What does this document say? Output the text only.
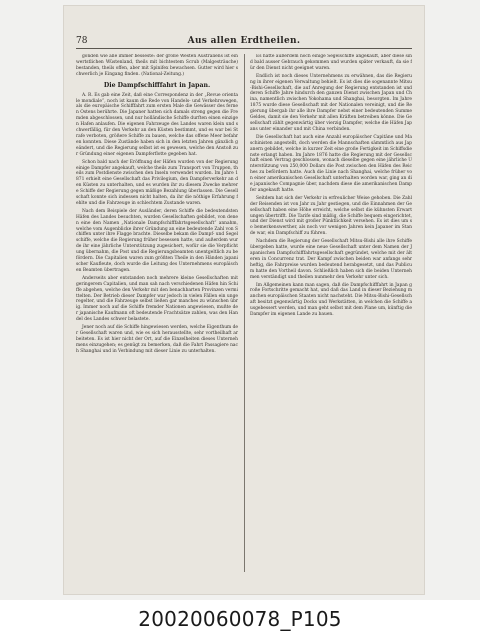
78	Aus allen Erdtheilen.

gonden wie alle immer besseste: der große Westen Australiens ist ein wertstlichen Wüstenland, theils mit bichtestem Scrub (Malgesträuche) bestanden, theils offen, aber mit Spinifex bewachsen. Gutter wird hier schwerlich je Eingang finden. (National-Zeitung.)

Die Dampfschifffahrt in Japan.

A. R. Es gab eine Zeit, daß eine Correspondenz in der „Revue orientale mondiale“, noch ist kaum die Rede von Handels- und Verkehrswegen, als die europäische Schifffahrt zum ersten Male die Gewässer des fernen Ostens berührte. Die Japaner hatten sich damals streng gegen die Fremden abgeschlossen, und nur holländische Schiffe durften einen einzigen Hafen anlaufen. Die eigenen Fahrzeuge des Landes waren klein und schwerfällig, für den Verkehr an den Küsten bestimmt, und es war bei Strafe verboten, größere Schiffe zu bauen, welche das offene Meer befahren konnten. Diese Zustände haben sich in den letzten Jahren gänzlich geändert, und die Regierung selbst ist es gewesen, welche den Anstoß zur Gründung einer eigenen Dampferflotte gegeben hat.

Schon bald nach der Eröffnung der Häfen wurden von der Regierung einige Dampfer angekauft, welche theils zum Transport von Truppen, theils zum Postdienste zwischen den Inseln verwendet wurden. Im Jahre 1871 erhielt eine Gesellschaft das Privilegium, den Dampferverkehr an den Küsten zu unterhalten, und es wurden ihr zu diesem Zwecke mehrere Schiffe der Regierung gegen mäßige Bezahlung überlassen. Die Gesellschaft konnte sich indessen nicht halten, da ihr die nöthige Erfahrung fehlte und die Fahrzeuge in schlechtem Zustande waren.

Nach dem Beispiele der Ausländer, deren Schiffe die bedeutendsten Häfen des Landes besuchten, wurden Gesellschaften gebildet, von denen eine den Namen „Nationale Dampfschifffahrtsgesellschaft“ annahm, welche vom Augenblicke ihrer Gründung an eine bedeutende Zahl von Schiffen unter ihre Flagge brachte. Dieselbe bekam die Dampf- und Segelschiffe, welche die Regierung früher besessen hatte, und außerdem wurde ihr eine jährliche Unterstützung zugesichert, wofür sie die Verpflichtung übernahm, die Post und die Regierungsbeamten unentgeltlich zu befördern. Die Capitalien waren zum größten Theile in den Händen japanischer Kaufleute, doch wurde die Leitung des Unternehmens europäischen Beamten übertragen.

Anderseits aber entstanden noch mehrere kleine Gesellschaften mit geringerem Capitalien, und man sah nach verschiedenen Häfen hin Schiffe abgehen, welche den Verkehr mit den benachbarten Provinzen vermittelten. Der Betrieb dieser Dampfer war jedoch in vielen Fällen ein ungeregelter, und die Fahrzeuge selbst ließen gar manches zu wünschen übrig. Immer noch auf die Schiffe fremder Nationen angewiesen, mußte der japanische Kaufmann oft bedeutende Frachtsätze zahlen, was den Handel des Landes schwer belastete.

Jener noch auf die Schiffe hingewiesen werden, welche Eigenthum der Gesellschaft waren und, wie es sich herausstellte, sehr vortheilhaft arbeiteten. Es ist hier nicht der Ort, auf die Einzelheiten dieses Unternehmens einzugehen; es genügt zu bemerken, daß die Fahrt Passagiere nach Shanghai und in Verbindung mit dieser Linie zu unterhalten.

Es hatte außerdem noch einige Segelschiffe angekauft, aber diese sind bald ausser Gebrauch gekommen und wurden später verkauft, da sie für den Dienst nicht geeignet waren.

Endlich ist noch dieses Unternehmens zu erwähnen, das die Regierung in ihrer eigenen Verwaltung behielt. Es ist dies die sogenannte Mitsu-Bishi-Gesellschaft, die auf Anregung der Regierung entstanden ist und deren Schiffe Jahre hindurch den ganzen Dienst zwischen Japan und China, namentlich zwischen Yokohama und Shanghai, besorgten. Im Jahre 1875 wurde diese Gesellschaft mit der Nationalen vereinigt, und die Regierung übergab ihr alle ihre Dampfer nebst einer bedeutenden Summe Geldes, damit sie den Verkehr mit allen Kräften betreiben könne. Die Gesellschaft zählt gegenwärtig über vierzig Dampfer, welche die Häfen Japans unter einander und mit China verbinden.

Die Gesellschaft hat auch eine Anzahl europäischer Capitäne und Maschinisten angestellt, doch werden die Mannschaften sämmtlich aus Japanern gebildet, welche in kurzer Zeit eine große Fertigkeit im Schiffsdienste erlangt haben. Im Jahre 1876 hatte die Regierung mit der Gesellschaft einen Vertrag geschlossen, wonach dieselbe gegen eine jährliche Unterstützung von 250,000 Dollars die Post zwischen den Häfen des Reiches zu befördern hatte. Auch die Linie nach Shanghai, welche früher von einer amerikanischen Gesellschaft unterhalten worden war, ging an die japanische Compagnie über, nachdem diese die amerikanischen Dampfer angekauft hatte.

Seitdem hat sich der Verkehr in erfreulicher Weise gehoben. Die Zahl der Reisenden ist von Jahr zu Jahr gestiegen, und die Einnahmen der Gesellschaft haben eine Höhe erreicht, welche selbst die kühnsten Erwartungen übertrifft. Die Tarife sind mäßig, die Schiffe bequem eingerichtet, und der Dienst wird mit großer Pünktlichkeit versehen. Es ist dies um so bemerkenswerther, als noch vor wenigen Jahren kein Japaner im Stande war, ein Dampfschiff zu führen.

Nachdem die Regierung der Gesellschaft Mitsu-Bishi alle ihre Schiffe übergeben hatte, wurde eine neue Gesellschaft unter dem Namen der Japanischen Dampfschifffahrtsgesellschaft gegründet, welche mit der älteren in Concurrenz trat. Der Kampf zwischen beiden war anfangs sehr heftig, die Fahrpreise wurden bedeutend herabgesetzt, und das Publicum hatte den Vortheil davon. Schließlich haben sich die beiden Unternehmen verständigt und theilen nunmehr den Verkehr unter sich.

Im Allgemeinen kann man sagen, daß die Dampfschifffahrt in Japan große Fortschritte gemacht hat, und daß das Land in dieser Beziehung manchen europäischen Staaten nicht nachsteht. Die Mitsu-Bishi-Gesellschaft besitzt gegenwärtig Docks und Werkstätten, in welchen die Schiffe ausgebessert werden, und man geht selbst mit dem Plane um, künftig die Dampfer im eigenen Lande zu bauen.

20020060078_P105
